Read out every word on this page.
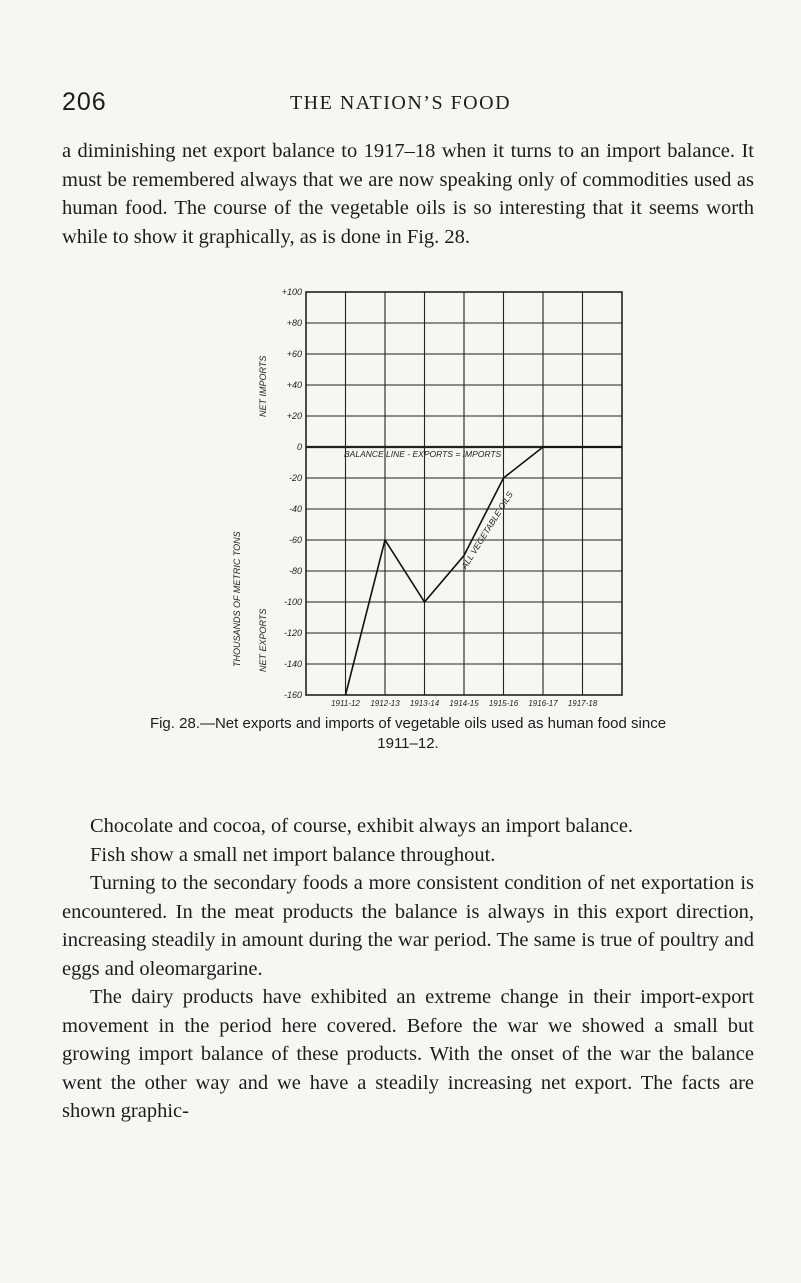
206	THE NATION’S FOOD

a diminishing net export balance to 1917–18 when it turns to an import balance. It must be remembered always that we are now speaking only of commodities used as human food. The course of the vegetable oils is so interesting that it seems worth while to show it graphically, as is done in Fig. 28.

+100
+80
+60
+40
+20
0
-20
-40
-60
-80
-100
-120
-140
-160
1911-12 1912-13 1913-14 1914-15 1915-16 1916-17 1917-18
THOUSANDS OF METRIC TONS
NET IMPORTS
NET EXPORTS
BALANCE LINE - EXPORTS = IMPORTS
ALL VEGETABLE OILS
Fig. 28.—Net exports and imports of vegetable oils used as human food since
1911–12.

Chocolate and cocoa, of course, exhibit always an import balance.

Fish show a small net import balance throughout.

Turning to the secondary foods a more consistent condition of net exportation is encountered. In the meat products the balance is always in this export direction, increasing steadily in amount during the war period. The same is true of poultry and eggs and oleomargarine.

The dairy products have exhibited an extreme change in their import-export movement in the period here covered. Before the war we showed a small but growing import balance of these products. With the onset of the war the balance went the other way and we have a steadily increasing net export. The facts are shown graphic-
